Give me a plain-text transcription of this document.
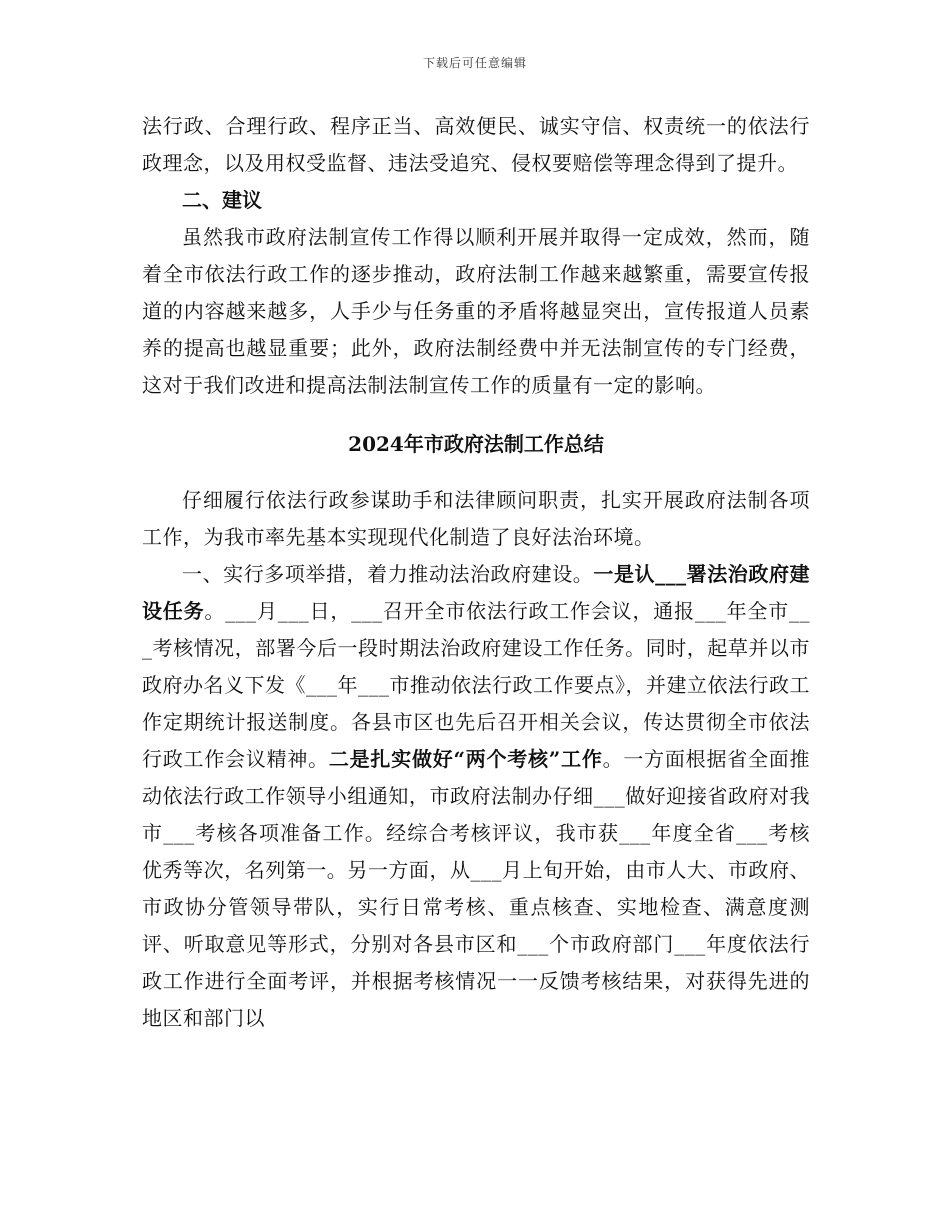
下载后可任意编辑

法行政、合理行政、程序正当、高效便民、诚实守信、权责统一的依法行政理念，以及用权受监督、违法受追究、侵权要赔偿等理念得到了提升。

二、建议

虽然我市政府法制宣传工作得以顺利开展并取得一定成效，然而，随着全市依法行政工作的逐步推动，政府法制工作越来越繁重，需要宣传报道的内容越来越多，人手少与任务重的矛盾将越显突出，宣传报道人员素养的提高也越显重要；此外，政府法制经费中并无法制宣传的专门经费，这对于我们改进和提高法制法制宣传工作的质量有一定的影响。

2024年市政府法制工作总结

仔细履行依法行政参谋助手和法律顾问职责，扎实开展政府法制各项工作，为我市率先基本实现现代化制造了良好法治环境。

一、实行多项举措，着力推动法治政府建设。一是认___署法治政府建设任务。___月___日，___召开全市依法行政工作会议，通报___年全市___考核情况，部署今后一段时期法治政府建设工作任务。同时，起草并以市政府办名义下发《___年___市推动依法行政工作要点》，并建立依法行政工作定期统计报送制度。各县市区也先后召开相关会议，传达贯彻全市依法行政工作会议精神。二是扎实做好“两个考核”工作。一方面根据省全面推动依法行政工作领导小组通知，市政府法制办仔细___做好迎接省政府对我市___考核各项准备工作。经综合考核评议，我市获___年度全省___考核优秀等次，名列第一。另一方面，从___月上旬开始，由市人大、市政府、市政协分管领导带队，实行日常考核、重点核查、实地检查、满意度测评、听取意见等形式，分别对各县市区和___个市政府部门___年度依法行政工作进行全面考评，并根据考核情况一一反馈考核结果，对获得先进的地区和部门以
